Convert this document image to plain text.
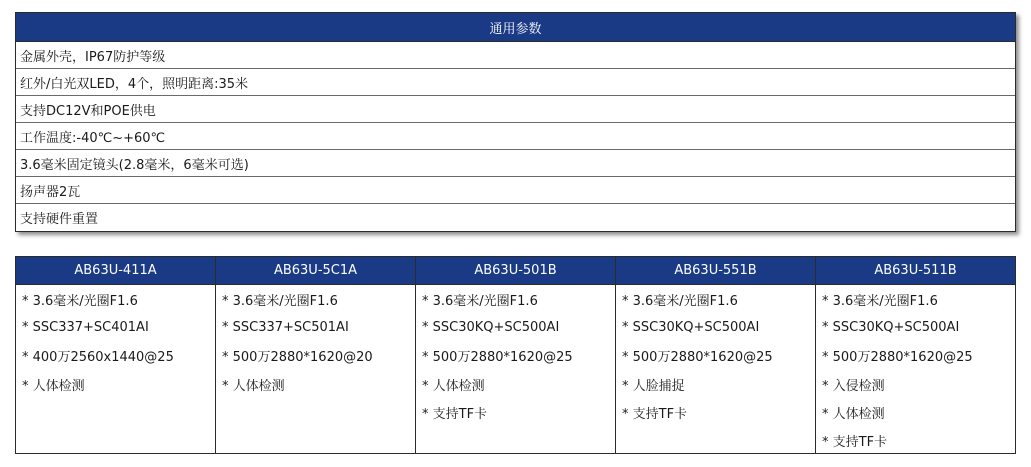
通用参数
金属外壳，IP67防护等级
红外/白光双LED，4个，照明距离:35米
支持DC12V和POE供电
工作温度:-40℃~+60℃
3.6毫米固定镜头(2.8毫米，6毫米可选)
扬声器2瓦
支持硬件重置
AB63U-411A
* 3.6毫米/光圈F1.6
* SSC337+SC401AI
* 400万2560x1440@25
* 人体检测
AB63U-5C1A
* 3.6毫米/光圈F1.6
* SSC337+SC501AI
* 500万2880*1620@20
* 人体检测
AB63U-501B
* 3.6毫米/光圈F1.6
* SSC30KQ+SC500AI
* 500万2880*1620@25
* 人体检测
* 支持TF卡
AB63U-551B
* 3.6毫米/光圈F1.6
* SSC30KQ+SC500AI
* 500万2880*1620@25
* 人脸捕捉
* 支持TF卡
AB63U-511B
* 3.6毫米/光圈F1.6
* SSC30KQ+SC500AI
* 500万2880*1620@25
* 入侵检测
* 人体检测
* 支持TF卡
